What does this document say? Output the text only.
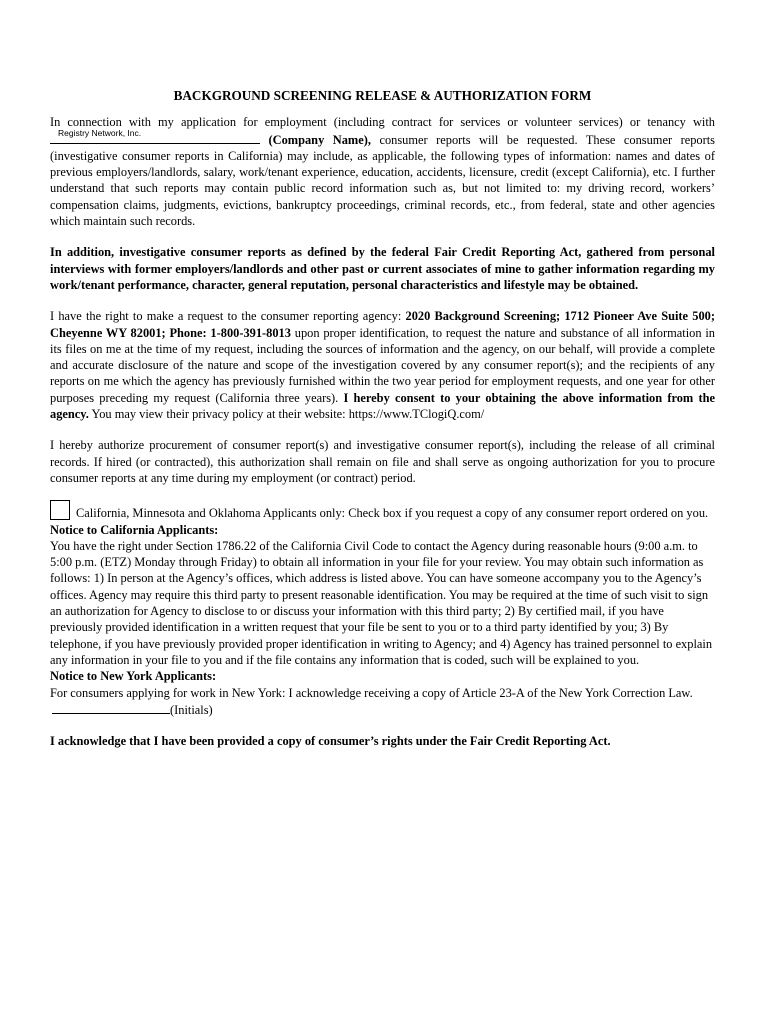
BACKGROUND SCREENING RELEASE & AUTHORIZATION FORM

In connection with my application for employment (including contract for services or volunteer services) or tenancy with
Registry Network, Inc.	(Company Name), consumer reports will be requested. These consumer reports (investigative consumer reports in California) may include, as applicable, the following types of information: names and dates of previous employers/landlords, salary, work/tenant experience, education, accidents, licensure, credit (except California), etc. I further understand that such reports may contain public record information such as, but not limited to: my driving record, workers’ compensation claims, judgments, evictions, bankruptcy proceedings, criminal records, etc., from federal, state and other agencies which maintain such records.

In addition, investigative consumer reports as defined by the federal Fair Credit Reporting Act, gathered from personal interviews with former employers/landlords and other past or current associates of mine to gather information regarding my work/tenant performance, character, general reputation, personal characteristics and lifestyle may be obtained.

I have the right to make a request to the consumer reporting agency: 2020 Background Screening; 1712 Pioneer Ave Suite 500; Cheyenne WY 82001; Phone: 1-800-391-8013 upon proper identification, to request the nature and substance of all information in its files on me at the time of my request, including the sources of information and the agency, on our behalf, will provide a complete and accurate disclosure of the nature and scope of the investigation covered by any consumer report(s); and the recipients of any reports on me which the agency has previously furnished within the two year period for employment requests, and one year for other purposes preceding my request (California three years). I hereby consent to your obtaining the above information from the agency. You may view their privacy policy at their website: https://www.TClogiQ.com/

I hereby authorize procurement of consumer report(s) and investigative consumer report(s), including the release of all criminal records. If hired (or contracted), this authorization shall remain on file and shall serve as ongoing authorization for you to procure consumer reports at any time during my employment (or contract) period.

California, Minnesota and Oklahoma Applicants only: Check box if you request a copy of any consumer report ordered on you.

Notice to California Applicants:

You have the right under Section 1786.22 of the California Civil Code to contact the Agency during reasonable hours (9:00 a.m. to 5:00 p.m. (ETZ) Monday through Friday) to obtain all information in your file for your review. You may obtain such information as follows: 1) In person at the Agency’s offices, which address is listed above. You can have someone accompany you to the Agency’s offices. Agency may require this third party to present reasonable identification. You may be required at the time of such visit to sign an authorization for Agency to disclose to or discuss your information with this third party; 2) By certified mail, if you have previously provided identification in a written request that your file be sent to you or to a third party identified by you; 3) By telephone, if you have previously provided proper identification in writing to Agency; and 4) Agency has trained personnel to explain any information in your file to you and if the file contains any information that is coded, such will be explained to you.

Notice to New York Applicants:

For consumers applying for work in New York: I acknowledge receiving a copy of Article 23-A of the New York Correction Law.

(Initials)

I acknowledge that I have been provided a copy of consumer’s rights under the Fair Credit Reporting Act.
